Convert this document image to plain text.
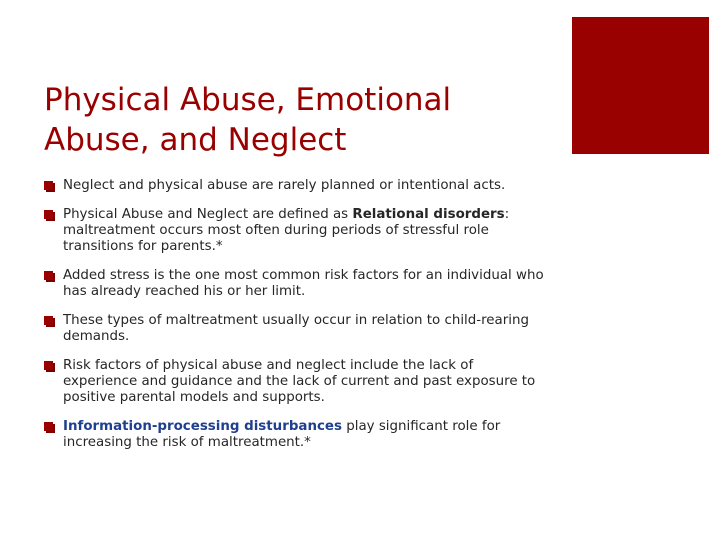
Physical Abuse, Emotional
Abuse, and Neglect
Neglect and physical abuse are rarely planned or intentional acts.
Physical Abuse and Neglect are defined as Relational disorders: maltreatment occurs most often during periods of stressful role transitions for parents.*
Added stress is the one most common risk factors for an individual who has already reached his or her limit.
These types of maltreatment usually occur in relation to child-rearing demands.
Risk factors of physical abuse and neglect include the lack of experience and guidance and the lack of current and past exposure to positive parental models and supports.
Information-processing disturbances play significant role for increasing the risk of maltreatment.*
